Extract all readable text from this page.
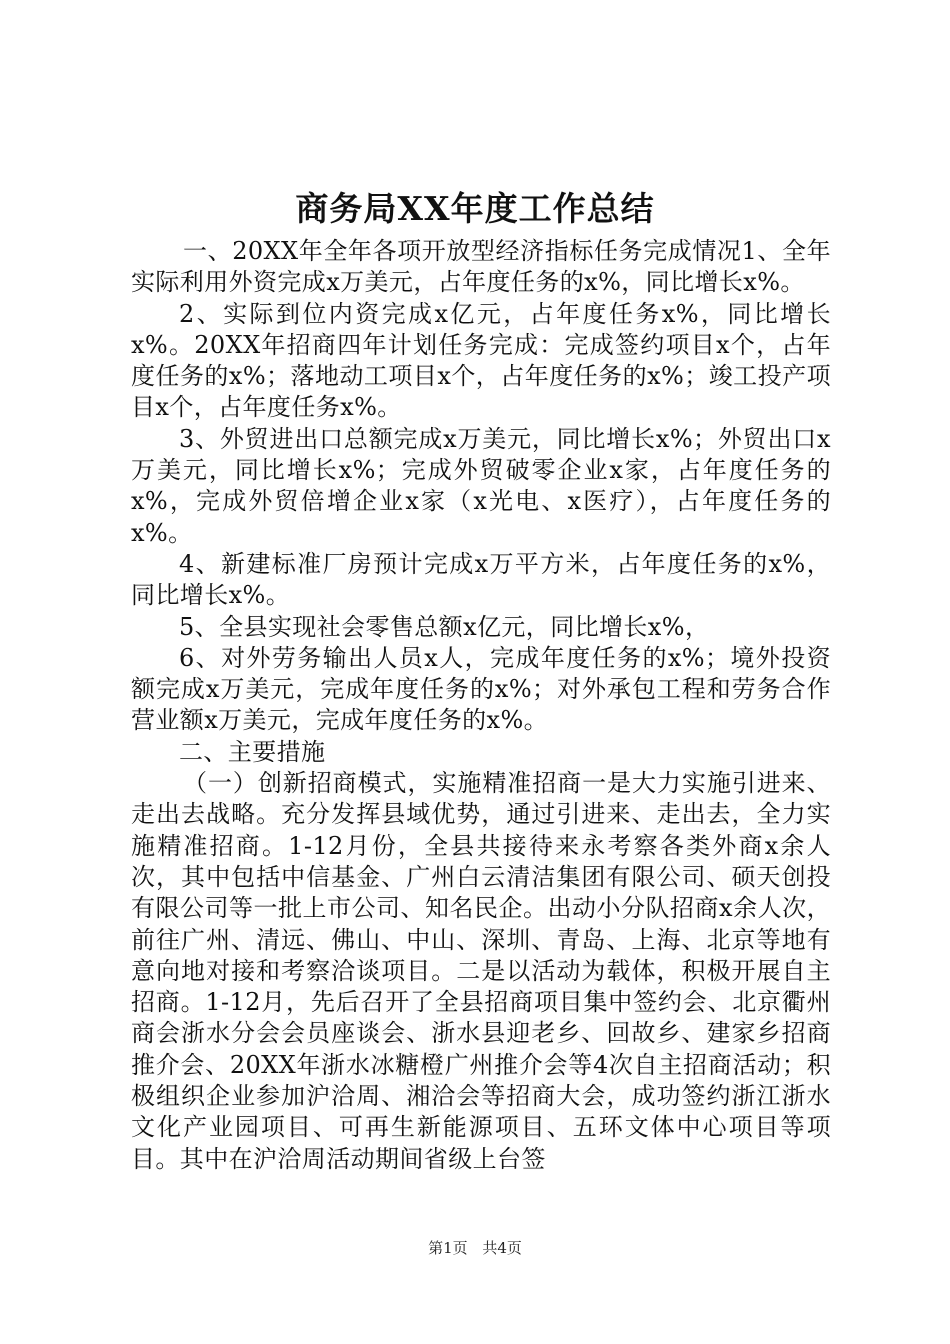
商务局XX年度工作总结

一、20XX年全年各项开放型经济指标任务完成情况1、全年实际利用外资完成x万美元，占年度任务的x%，同比增长x%。

2、实际到位内资完成x亿元，占年度任务x%，同比增长x%。20XX年招商四年计划任务完成：完成签约项目x个，占年度任务的x%；落地动工项目x个，占年度任务的x%；竣工投产项目x个，占年度任务x%。

3、外贸进出口总额完成x万美元，同比增长x%；外贸出口x万美元，同比增长x%；完成外贸破零企业x家，占年度任务的x%，完成外贸倍增企业x家（x光电、x医疗），占年度任务的x%。

4、新建标准厂房预计完成x万平方米，占年度任务的x%，同比增长x%。

5、全县实现社会零售总额x亿元，同比增长x%，

6、对外劳务输出人员x人，完成年度任务的x%；境外投资额完成x万美元，完成年度任务的x%；对外承包工程和劳务合作营业额x万美元，完成年度任务的x%。

二、主要措施

（一）创新招商模式，实施精准招商一是大力实施引进来、走出去战略。充分发挥县域优势，通过引进来、走出去，全力实施精准招商。1-12月份，全县共接待来永考察各类外商x余人次，其中包括中信基金、广州白云清洁集团有限公司、硕天创投有限公司等一批上市公司、知名民企。出动小分队招商x余人次，前往广州、清远、佛山、中山、深圳、青岛、上海、北京等地有意向地对接和考察洽谈项目。二是以活动为载体，积极开展自主招商。1-12月，先后召开了全县招商项目集中签约会、北京衢州商会浙水分会会员座谈会、浙水县迎老乡、回故乡、建家乡招商推介会、20XX年浙水冰糖橙广州推介会等4次自主招商活动；积极组织企业参加沪洽周、湘洽会等招商大会，成功签约浙江浙水文化产业园项目、可再生新能源项目、五环文体中心项目等项目。其中在沪洽周活动期间省级上台签

第1页 共4页
